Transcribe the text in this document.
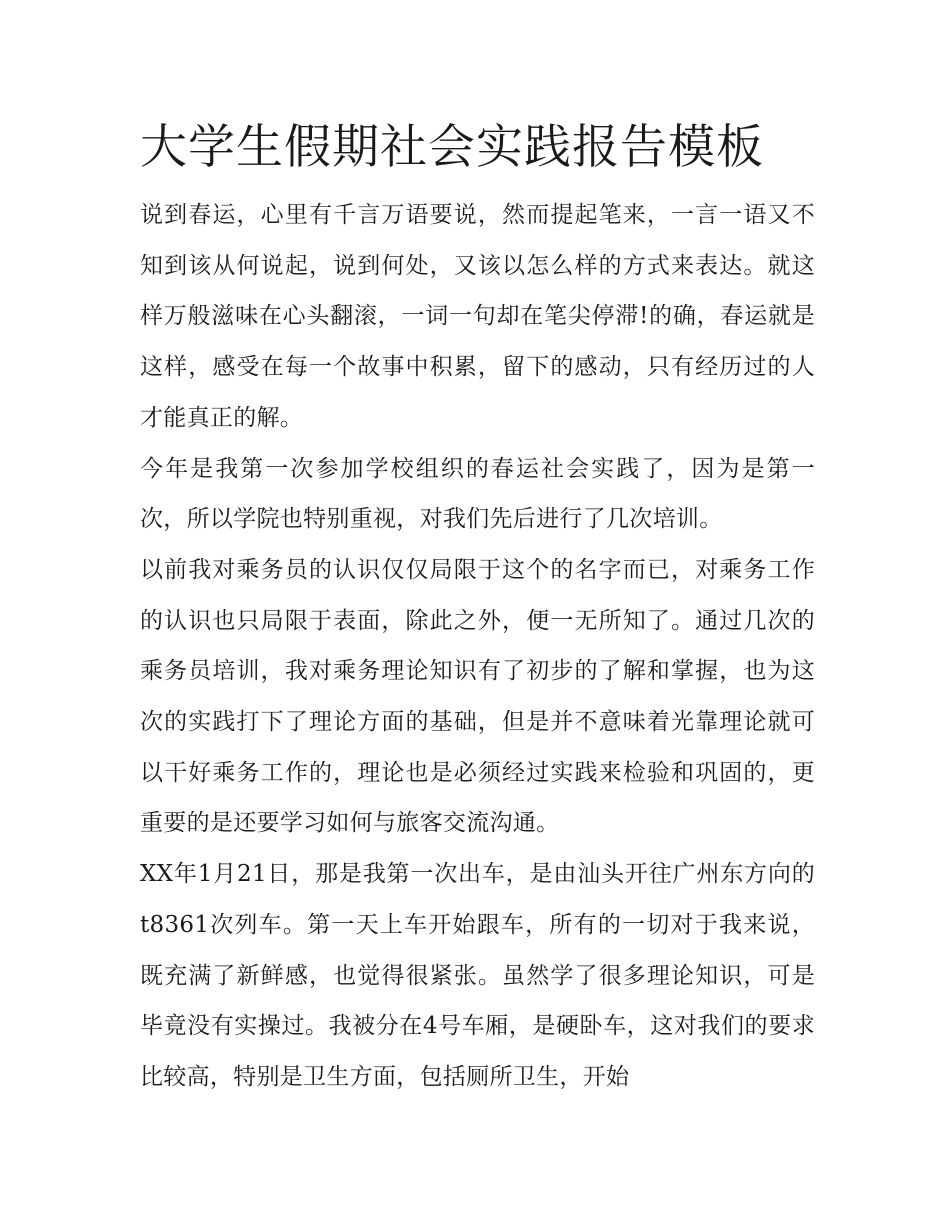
大学生假期社会实践报告模板

说到春运，心里有千言万语要说，然而提起笔来，一言一语又不知到该从何说起，说到何处，又该以怎么样的方式来表达。就这样万般滋味在心头翻滚，一词一句却在笔尖停滞!的确，春运就是这样，感受在每一个故事中积累，留下的感动，只有经历过的人才能真正的解。

今年是我第一次参加学校组织的春运社会实践了，因为是第一次，所以学院也特别重视，对我们先后进行了几次培训。

以前我对乘务员的认识仅仅局限于这个的名字而已，对乘务工作的认识也只局限于表面，除此之外，便一无所知了。通过几次的乘务员培训，我对乘务理论知识有了初步的了解和掌握，也为这次的实践打下了理论方面的基础，但是并不意味着光靠理论就可以干好乘务工作的，理论也是必须经过实践来检验和巩固的，更重要的是还要学习如何与旅客交流沟通。

XX年1月21日，那是我第一次出车，是由汕头开往广州东方向的t8361次列车。第一天上车开始跟车，所有的一切对于我来说，既充满了新鲜感，也觉得很紧张。虽然学了很多理论知识，可是毕竟没有实操过。我被分在4号车厢，是硬卧车，这对我们的要求比较高，特别是卫生方面，包括厕所卫生，开始
